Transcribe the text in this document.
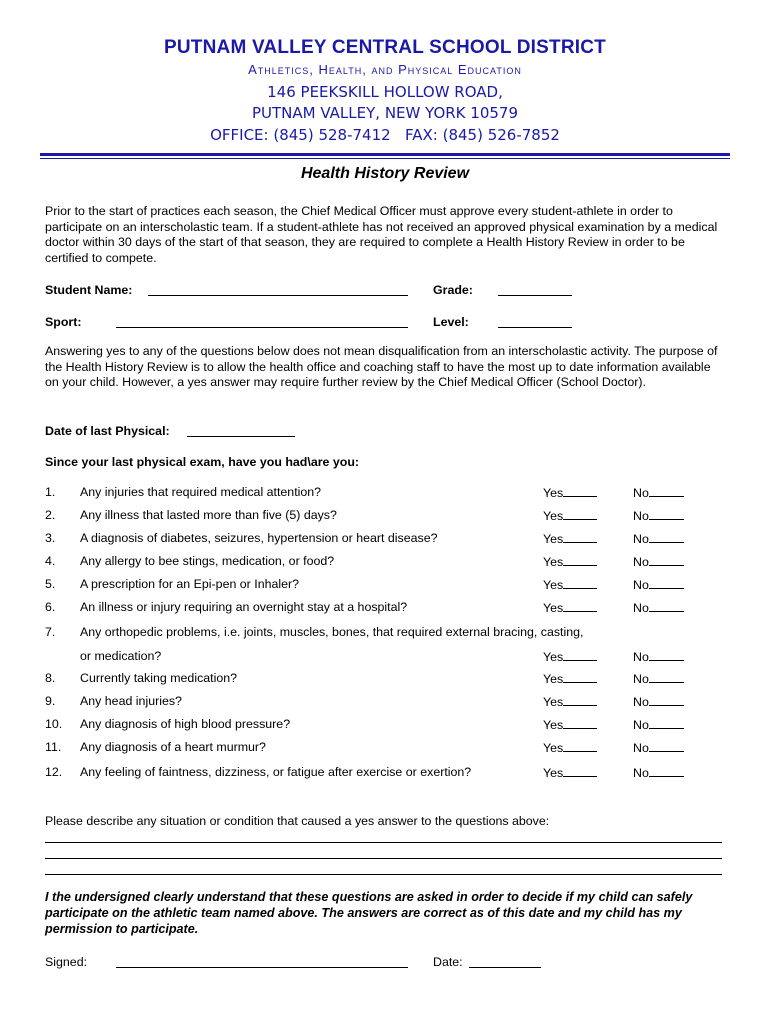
PUTNAM VALLEY CENTRAL SCHOOL DISTRICT
Athletics, Health, and Physical Education
146 PEEKSKILL HOLLOW ROAD,
PUTNAM VALLEY, NEW YORK 10579
OFFICE: (845) 528-7412   FAX: (845) 526-7852
Health History Review
Prior to the start of practices each season, the Chief Medical Officer must approve every student-athlete in order to participate on an interscholastic team. If a student-athlete has not received an approved physical examination by a medical doctor within 30 days of the start of that season, they are required to complete a Health History Review in order to be certified to compete.
Student Name:	Grade:
Sport:	Level:
Answering yes to any of the questions below does not mean disqualification from an interscholastic activity. The purpose of the Health History Review is to allow the health office and coaching staff to have the most up to date information available on your child. However, a yes answer may require further review by the Chief Medical Officer (School Doctor).
Date of last Physical:
Since your last physical exam, have you had\are you:
1. Any injuries that required medical attention?	Yes	No
2. Any illness that lasted more than five (5) days?	Yes	No
3. A diagnosis of diabetes, seizures, hypertension or heart disease?	Yes	No
4. Any allergy to bee stings, medication, or food?	Yes	No
5. A prescription for an Epi-pen or Inhaler?	Yes	No
6. An illness or injury requiring an overnight stay at a hospital?	Yes	No
7. Any orthopedic problems, i.e. joints, muscles, bones, that required external bracing, casting,
or medication?	Yes	No
8. Currently taking medication?	Yes	No
9. Any head injuries?	Yes	No
10. Any diagnosis of high blood pressure?	Yes	No
11. Any diagnosis of a heart murmur?	Yes	No
12. Any feeling of faintness, dizziness, or fatigue after exercise or exertion?	Yes	No
Please describe any situation or condition that caused a yes answer to the questions above:
I the undersigned clearly understand that these questions are asked in order to decide if my child can safely participate on the athletic team named above. The answers are correct as of this date and my child has my permission to participate.
Signed:	Date:
